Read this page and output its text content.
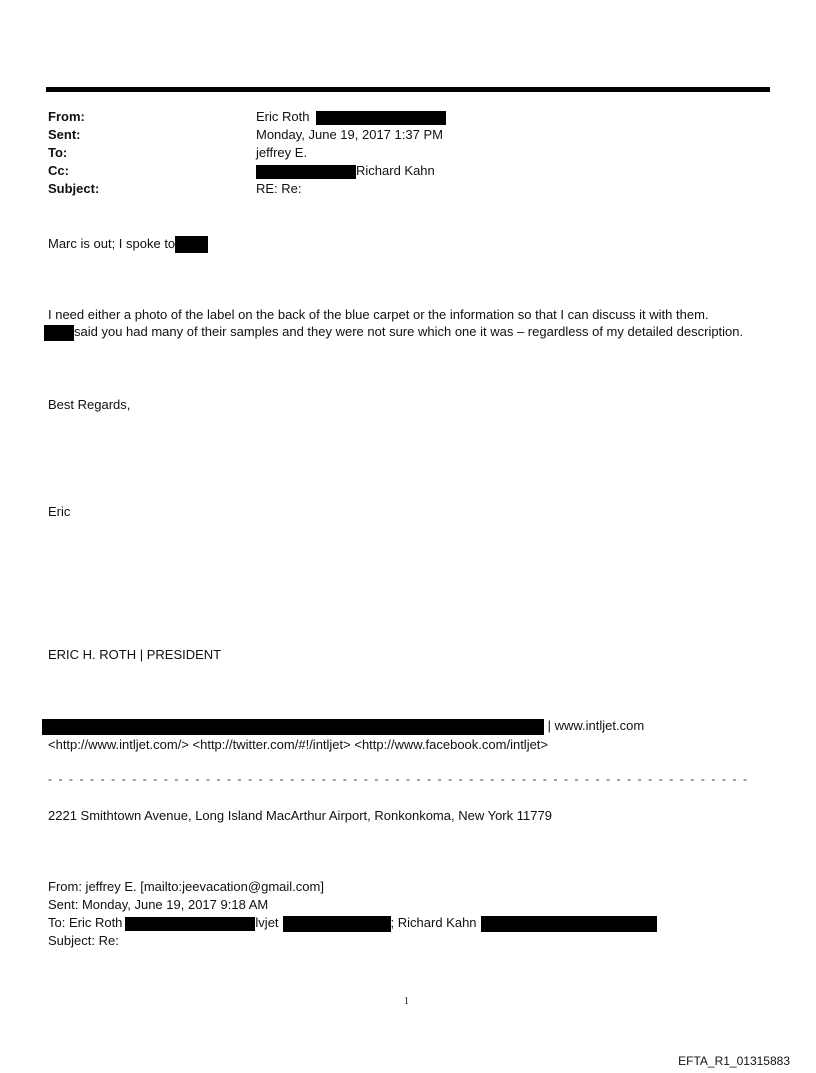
From:	Eric Roth
Sent:	Monday, June 19, 2017 1:37 PM
To:	jeffrey E.
Cc:	Richard Kahn
Subject:	RE: Re:
Marc is out; I spoke to
I need either a photo of the label on the back of the blue carpet or the information so that I can discuss it with them.
said you had many of their samples and they were not sure which one it was – regardless of my detailed description.
Best Regards,
Eric
ERIC H. ROTH | PRESIDENT
| www.intljet.com
<http://www.intljet.com/> <http://twitter.com/#!/intljet> <http://www.facebook.com/intljet>
- - - - - - - - - - - - - - - - - - - - - - - - - - - - - - - - - - - - - - - - - - - - - - - - - - - - - - - - - - - - - - - - - - -
2221 Smithtown Avenue, Long Island MacArthur Airport, Ronkonkoma, New York 11779
From: jeffrey E. [mailto:jeevacation@gmail.com]
Sent: Monday, June 19, 2017 9:18 AM
To: Eric Roth	lvjet	; Richard Kahn
Subject: Re:
1
EFTA_R1_01315883
